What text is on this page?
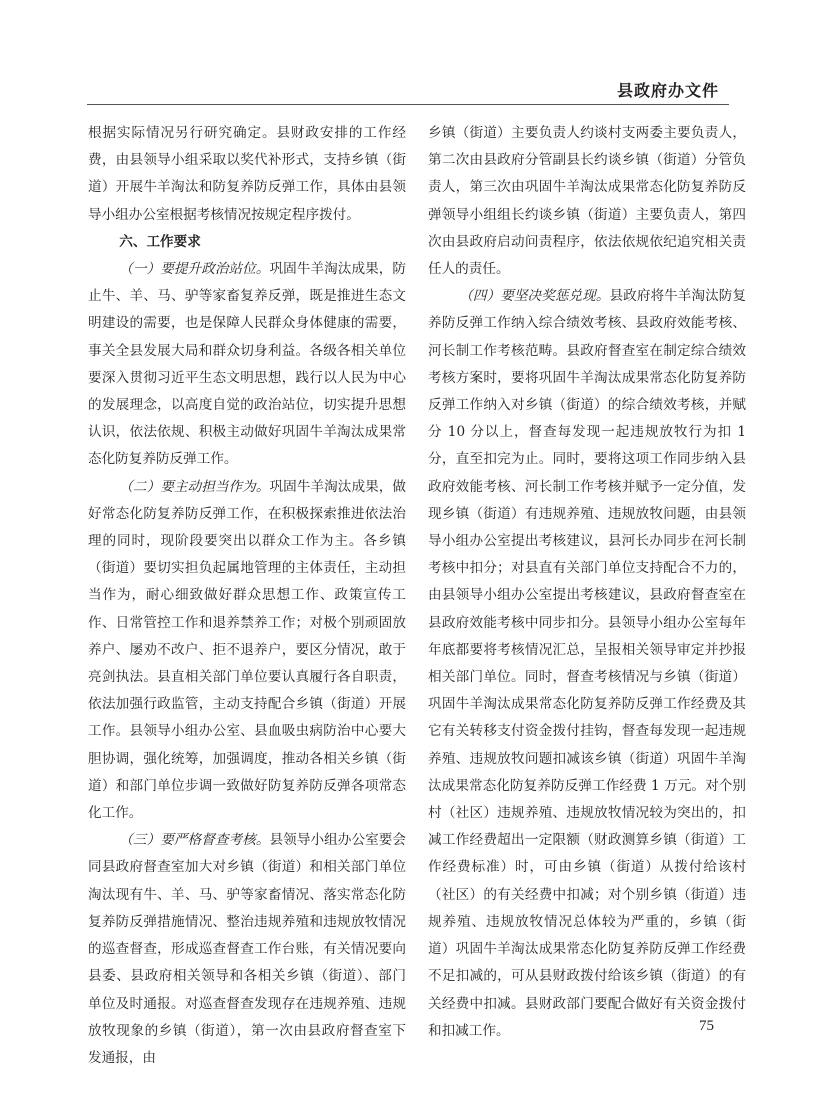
县政府办文件

根据实际情况另行研究确定。县财政安排的工作经费，由县领导小组采取以奖代补形式，支持乡镇（街道）开展牛羊淘汰和防复养防反弹工作，具体由县领导小组办公室根据考核情况按规定程序拨付。

六、工作要求

（一）要提升政治站位。巩固牛羊淘汰成果，防止牛、羊、马、驴等家畜复养反弹，既是推进生态文明建设的需要，也是保障人民群众身体健康的需要，事关全县发展大局和群众切身利益。各级各相关单位要深入贯彻习近平生态文明思想，践行以人民为中心的发展理念，以高度自觉的政治站位，切实提升思想认识，依法依规、积极主动做好巩固牛羊淘汰成果常态化防复养防反弹工作。

（二）要主动担当作为。巩固牛羊淘汰成果，做好常态化防复养防反弹工作，在积极探索推进依法治理的同时，现阶段要突出以群众工作为主。各乡镇（街道）要切实担负起属地管理的主体责任，主动担当作为，耐心细致做好群众思想工作、政策宣传工作、日常管控工作和退养禁养工作；对极个别顽固放养户、屡劝不改户、拒不退养户，要区分情况，敢于亮剑执法。县直相关部门单位要认真履行各自职责，依法加强行政监管，主动支持配合乡镇（街道）开展工作。县领导小组办公室、县血吸虫病防治中心要大胆协调，强化统筹，加强调度，推动各相关乡镇（街道）和部门单位步调一致做好防复养防反弹各项常态化工作。

（三）要严格督查考核。县领导小组办公室要会同县政府督查室加大对乡镇（街道）和相关部门单位淘汰现有牛、羊、马、驴等家畜情况、落实常态化防复养防反弹措施情况、整治违规养殖和违规放牧情况的巡查督查，形成巡查督查工作台账，有关情况要向县委、县政府相关领导和各相关乡镇（街道）、部门单位及时通报。对巡查督查发现存在违规养殖、违规放牧现象的乡镇（街道），第一次由县政府督查室下发通报，由

乡镇（街道）主要负责人约谈村支两委主要负责人，第二次由县政府分管副县长约谈乡镇（街道）分管负责人，第三次由巩固牛羊淘汰成果常态化防复养防反弹领导小组组长约谈乡镇（街道）主要负责人，第四次由县政府启动问责程序，依法依规依纪追究相关责任人的责任。

（四）要坚决奖惩兑现。县政府将牛羊淘汰防复养防反弹工作纳入综合绩效考核、县政府效能考核、河长制工作考核范畴。县政府督查室在制定综合绩效考核方案时，要将巩固牛羊淘汰成果常态化防复养防反弹工作纳入对乡镇（街道）的综合绩效考核，并赋分 10 分以上，督查每发现一起违规放牧行为扣 1 分，直至扣完为止。同时，要将这项工作同步纳入县政府效能考核、河长制工作考核并赋予一定分值，发现乡镇（街道）有违规养殖、违规放牧问题，由县领导小组办公室提出考核建议，县河长办同步在河长制考核中扣分；对县直有关部门单位支持配合不力的，由县领导小组办公室提出考核建议，县政府督查室在县政府效能考核中同步扣分。县领导小组办公室每年年底都要将考核情况汇总，呈报相关领导审定并抄报相关部门单位。同时，督查考核情况与乡镇（街道）巩固牛羊淘汰成果常态化防复养防反弹工作经费及其它有关转移支付资金拨付挂钩，督查每发现一起违规养殖、违规放牧问题扣减该乡镇（街道）巩固牛羊淘汰成果常态化防复养防反弹工作经费 1 万元。对个别村（社区）违规养殖、违规放牧情况较为突出的，扣减工作经费超出一定限额（财政测算乡镇（街道）工作经费标准）时，可由乡镇（街道）从拨付给该村（社区）的有关经费中扣减；对个别乡镇（街道）违规养殖、违规放牧情况总体较为严重的，乡镇（街道）巩固牛羊淘汰成果常态化防复养防反弹工作经费不足扣减的，可从县财政拨付给该乡镇（街道）的有关经费中扣减。县财政部门要配合做好有关资金拨付和扣减工作。	75
